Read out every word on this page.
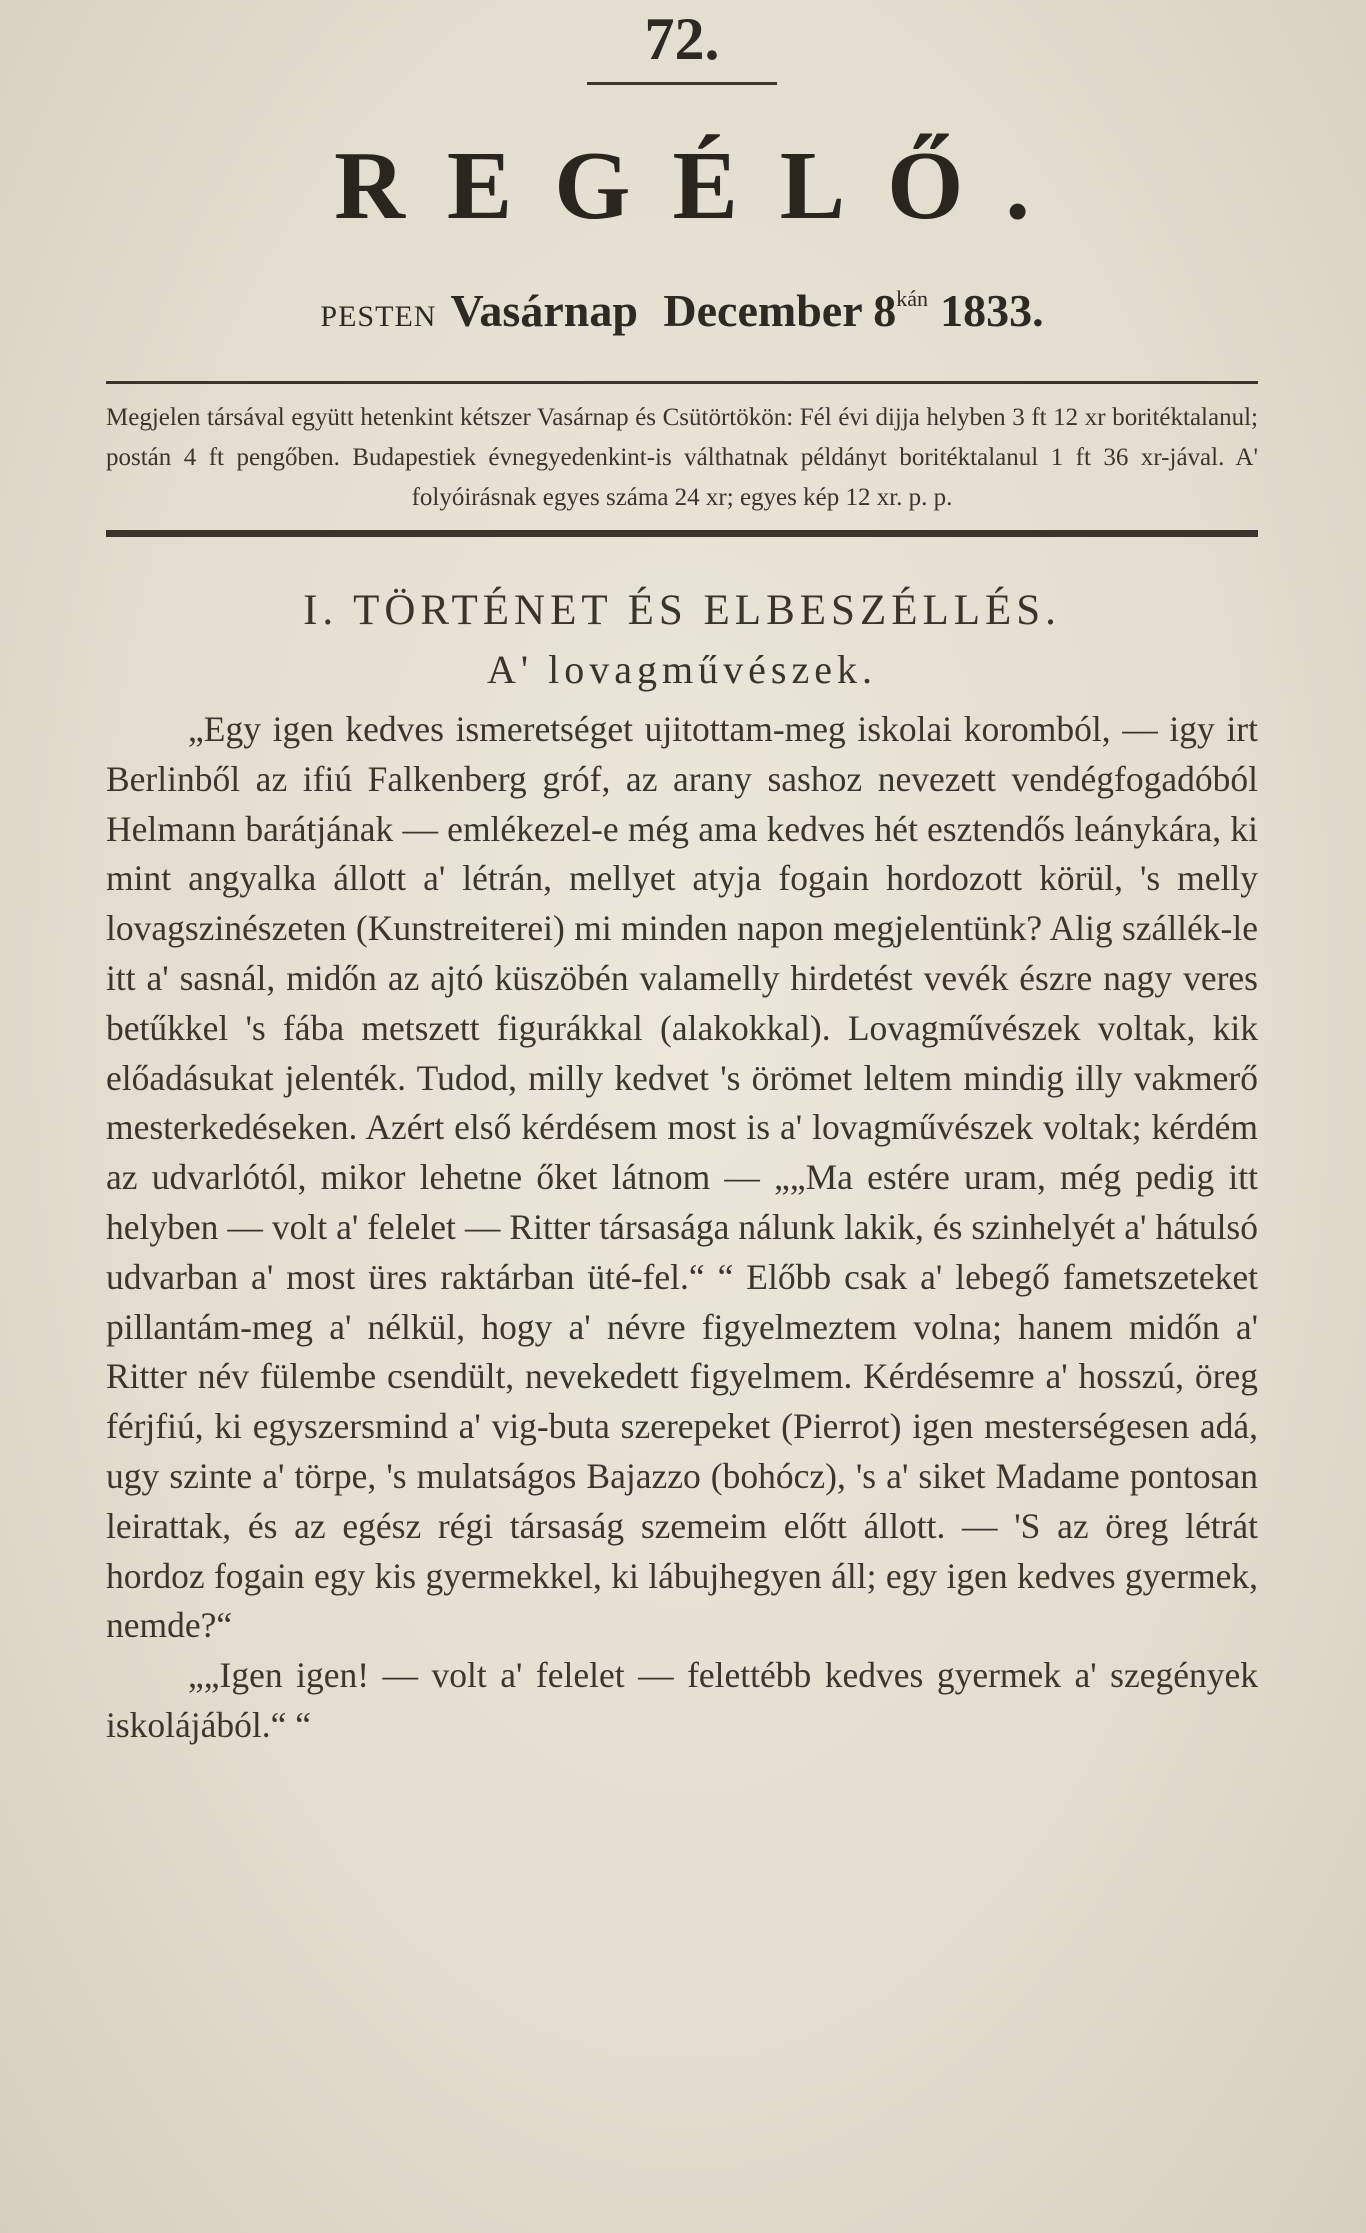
72.
REGÉLŐ.
PESTEN Vasárnap December $8^{kán}$ 1833.
Megjelen társával együtt hetenkint kétszer Vasárnap és Csütörtökön: Fél évi dijja helyben 3 ft 12 xr boritéktalanul; postán 4 ft pengőben. Budapestiek évnegyedenkint-is válthatnak példányt boritéktalanul 1 ft 36 xr-jával. A' folyóirásnak egyes száma 24 xr; egyes kép 12 xr. p. p.
I. TÖRTÉNET ÉS ELBESZÉLLÉS.
A' lovagművészek.

„Egy igen kedves ismeretséget ujitottam-meg iskolai koromból, — igy irt Berlinből az ifiú Falkenberg gróf, az arany sashoz nevezett vendégfogadóból Helmann barátjának — emlékezel-e még ama kedves hét esztendős leánykára, ki mint angyalka állott a' létrán, mellyet atyja fogain hordozott körül, 's melly lovagszinészeten (Kunstreiterei) mi minden napon megjelentünk? Alig szállék-le itt a' sasnál, midőn az ajtó küszöbén valamelly hirdetést vevék észre nagy veres betűkkel 's fába metszett figurákkal (alakokkal). Lovagművészek voltak, kik előadásukat jelenték. Tudod, milly kedvet 's örömet leltem mindig illy vakmerő mesterkedéseken. Azért első kérdésem most is a' lovagművészek voltak; kérdém az udvarlótól, mikor lehetne őket látnom — „„Ma estére uram, még pedig itt helyben — volt a' felelet — Ritter társasága nálunk lakik, és szinhelyét a' hátulsó udvarban a' most üres raktárban üté-fel.“ “ Előbb csak a' lebegő fametszeteket pillantám-meg a' nélkül, hogy a' névre figyelmeztem volna; hanem midőn a' Ritter név fülembe csendült, nevekedett figyelmem. Kérdésemre a' hosszú, öreg férjfiú, ki egyszersmind a' vig-buta szerepeket (Pierrot) igen mesterségesen adá, ugy szinte a' törpe, 's mulatságos Bajazzo (bohócz), 's a' siket Madame pontosan leirattak, és az egész régi társaság szemeim előtt állott. — 'S az öreg létrát hordoz fogain egy kis gyermekkel, ki lábujhegyen áll; egy igen kedves gyermek, nemde?“

„„Igen igen! — volt a' felelet — felettébb kedves gyermek a' szegények iskolájából.“ “
